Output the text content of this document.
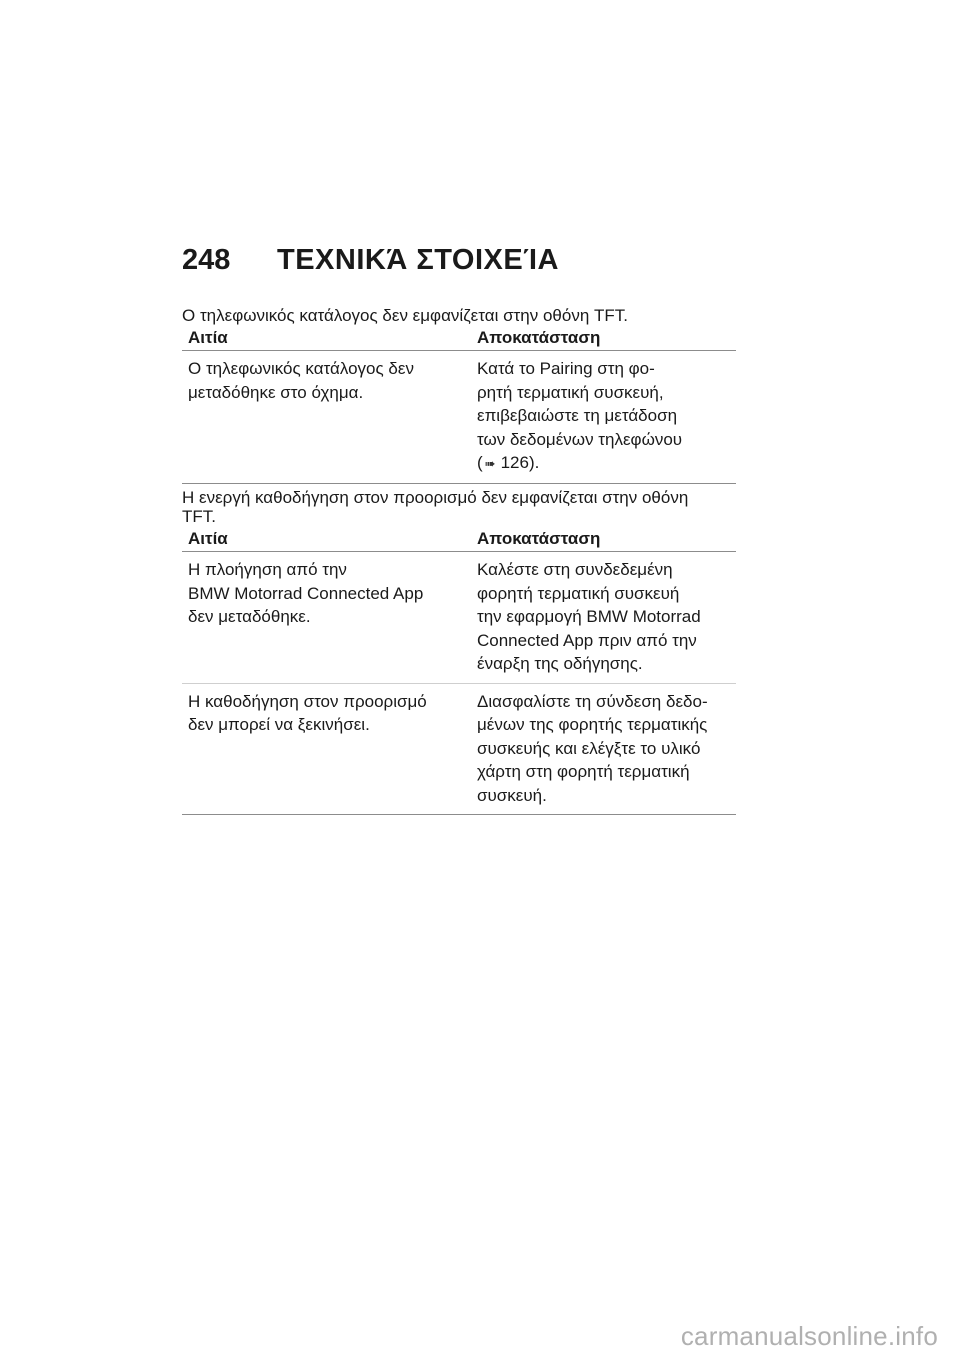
248 ΤΕΧΝΙΚΆ ΣΤΟΙΧΕΊΑ

Ο τηλεφωνικός κατάλογος δεν εμφανίζεται στην οθόνη TFT.

Αιτία	Αποκατάσταση
Ο τηλεφωνικός κατάλογος δεν
μεταδόθηκε στο όχημα.	Κατά το Pairing στη φο-
ρητή τερματική συσκευή,
επιβεβαιώστε τη μετάδοση
των δεδομένων τηλεφώνου
( ➠ 126).

Η ενεργή καθοδήγηση στον προορισμό δεν εμφανίζεται στην οθόνη
TFT.

Αιτία	Αποκατάσταση
Η πλοήγηση από την
BMW Motorrad Connected App
δεν μεταδόθηκε.	Καλέστε στη συνδεδεμένη
φορητή τερματική συσκευή
την εφαρμογή BMW Motorrad
Connected App πριν από την
έναρξη της οδήγησης.
Η καθοδήγηση στον προορισμό
δεν μπορεί να ξεκινήσει.	Διασφαλίστε τη σύνδεση δεδο-
μένων της φορητής τερματικής
συσκευής και ελέγξτε το υλικό
χάρτη στη φορητή τερματική
συσκευή.
carmanualsonline.info
